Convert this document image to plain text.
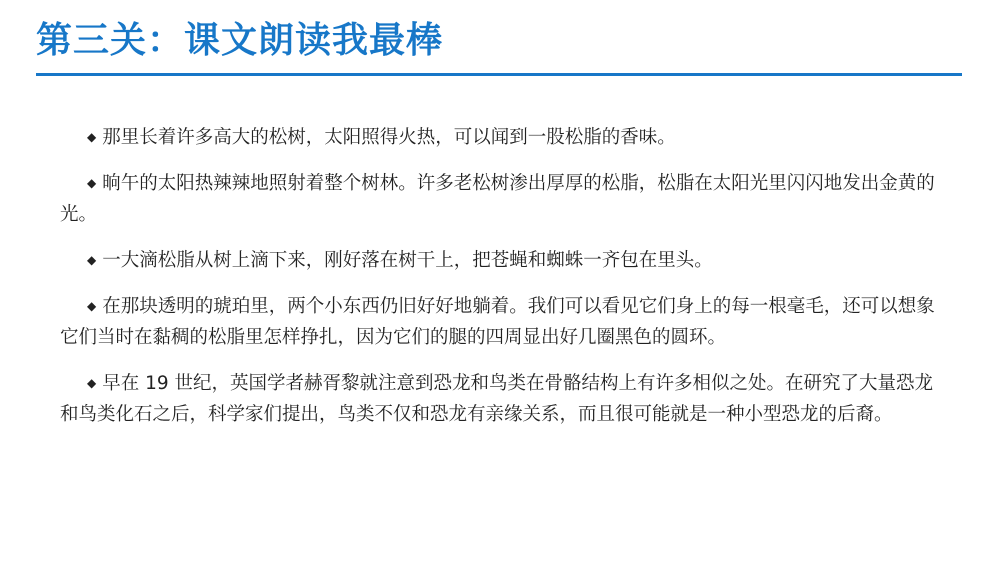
第三关：课文朗读我最棒

◆ 那里长着许多高大的松树，太阳照得火热，可以闻到一股松脂的香味。

◆ 晌午的太阳热辣辣地照射着整个树林。许多老松树渗出厚厚的松脂，松脂在太阳光里闪闪地发出金黄的光。

◆ 一大滴松脂从树上滴下来，刚好落在树干上，把苍蝇和蜘蛛一齐包在里头。

◆ 在那块透明的琥珀里，两个小东西仍旧好好地躺着。我们可以看见它们身上的每一根毫毛，还可以想象它们当时在黏稠的松脂里怎样挣扎，因为它们的腿的四周显出好几圈黑色的圆环。

◆ 早在 19 世纪，英国学者赫胥黎就注意到恐龙和鸟类在骨骼结构上有许多相似之处。在研究了大量恐龙和鸟类化石之后，科学家们提出，鸟类不仅和恐龙有亲缘关系，而且很可能就是一种小型恐龙的后裔。
